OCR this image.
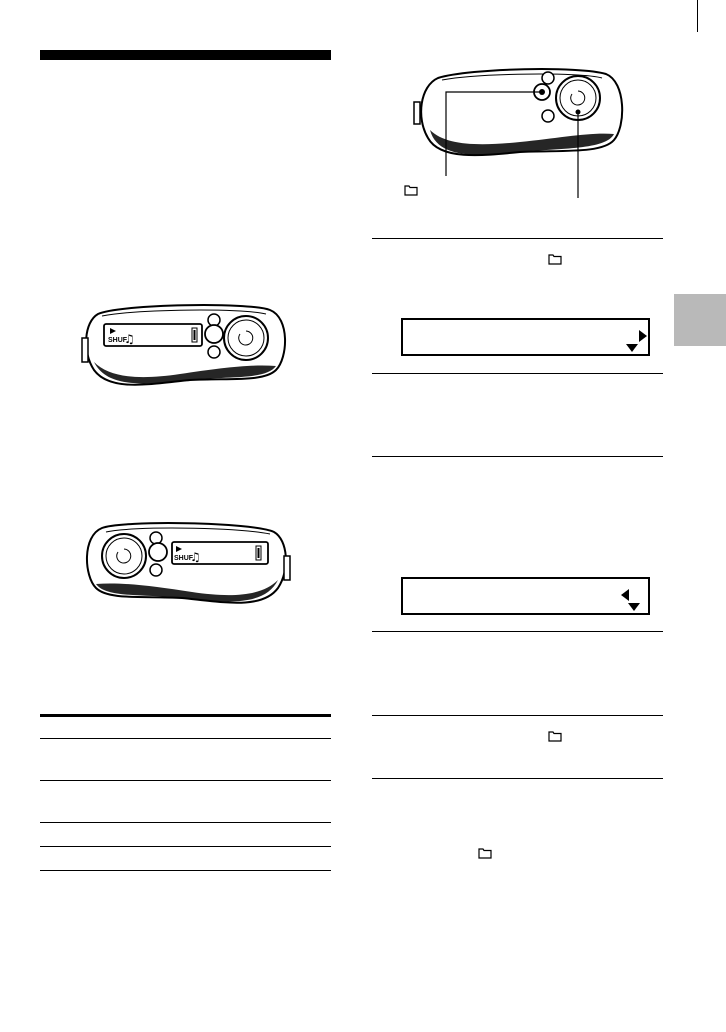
SHUF
♫
SHUF
♫
